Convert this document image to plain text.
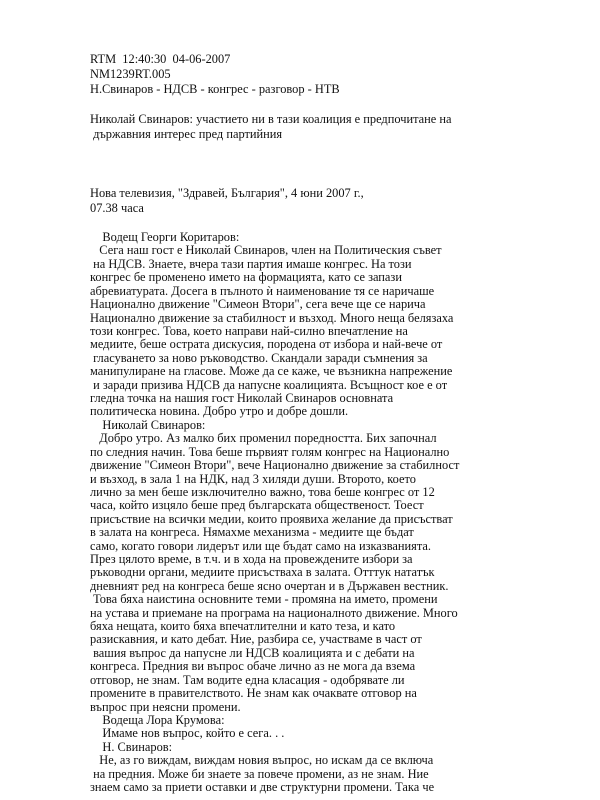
RTM  12:40:30  04-06-2007
NM1239RT.005
Н.Свинаров - НДСВ - конгрес - разговор - НТВ
Николай Свинаров: участието ни в тази коалиция е предпочитане на
държавния интерес пред партийния
Нова телевизия, "Здравей, България", 4 юни 2007 г.,
07.38 часа
Водещ Георги Коритаров:
Сега наш гост е Николай Свинаров, член на Политическия съвет
на НДСВ. Знаете, вчера тази партия имаше конгрес. На този
конгрес бе променено името на формацията, като се запази
абревиатурата. Досега в пълното ѝ наименование тя се наричаше
Национално движение "Симеон Втори", сега вече ще се нарича
Национално движение за стабилност и възход. Много неща белязаха
този конгрес. Това, което направи най-силно впечатление на
медиите, беше острата дискусия, породена от избора и най-вече от
гласуването за ново ръководство. Скандали заради съмнения за
манипулиране на гласове. Може да се каже, че възникна напрежение
и заради призива НДСВ да напусне коалицията. Всъщност кое е от
гледна точка на нашия гост Николай Свинаров основната
политическа новина. Добро утро и добре дошли.
Николай Свинаров:
Добро утро. Аз малко бих променил поредността. Бих започнал
по следния начин. Това беше първият голям конгрес на Национално
движение "Симеон Втори", вече Национално движение за стабилност
и възход, в зала 1 на НДК, над 3 хиляди души. Второто, което
лично за мен беше изключително важно, това беше конгрес от 12
часа, който изцяло беше пред българската общественост. Тоест
присъствие на всички медии, които проявиха желание да присъстват
в залата на конгреса. Нямахме механизма - медиите ще бъдат
само, когато говори лидерът или ще бъдат само на изказванията.
През цялото време, в т.ч. и в хода на провеждените избори за
ръководни органи, медиите присъстваха в залата. Отттук нататък
дневният ред на конгреса беше ясно очертан и в Държавен вестник.
Това бяха наистина основните теми - промяна на името, промени
на устава и приемане на програма на националното движение. Много
бяха нещата, които бяха впечатлителни и като теза, и като
разискавния, и като дебат. Ние, разбира се, участваме в част от
вашия въпрос да напусне ли НДСВ коалицията и с дебати на
конгреса. Предния ви въпрос обаче лично аз не мога да взема
отговор, не знам. Там водите една класация - одобрявате ли
промените в правителството. Не знам как очаквате отговор на
въпрос при неясни промени.
Водеща Лора Крумова:
Имаме нов въпрос, който е сега. . .
Н. Свинаров:
Не, аз го виждам, виждам новия въпрос, но искам да се включа
на предния. Може би знаете за повече промени, аз не знам. Ние
знаем само за приети оставки и две структурни промени. Така че
